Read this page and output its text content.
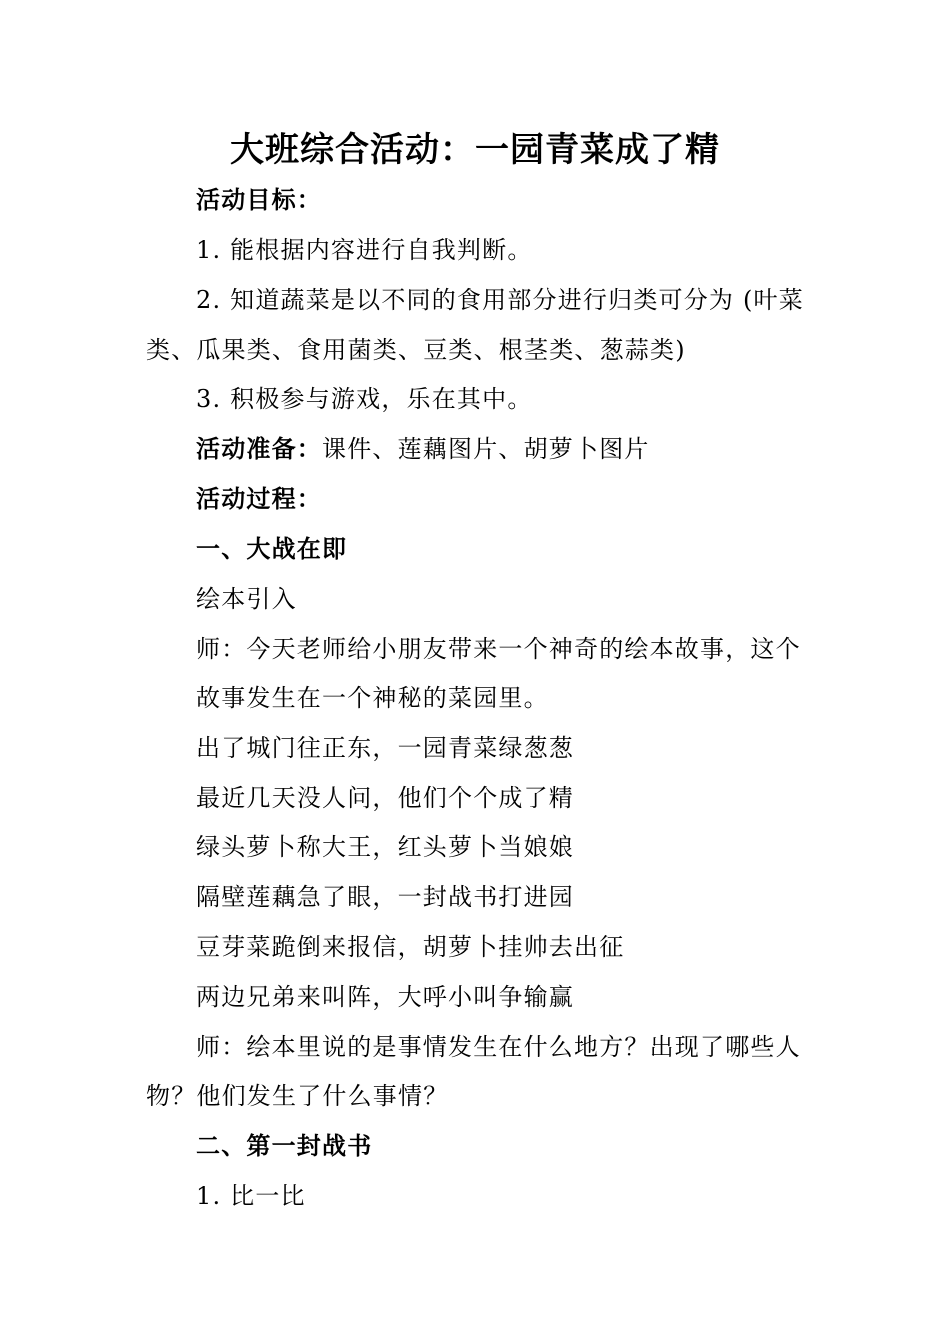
大班综合活动：一园青菜成了精
活动目标：
1. 能根据内容进行自我判断。
2. 知道蔬菜是以不同的食用部分进行归类可分为 (叶菜
类、瓜果类、食用菌类、豆类、根茎类、葱蒜类)
3. 积极参与游戏，乐在其中。
活动准备：课件、莲藕图片、胡萝卜图片
活动过程：
一、大战在即
绘本引入
师：今天老师给小朋友带来一个神奇的绘本故事，这个
故事发生在一个神秘的菜园里。
出了城门往正东，一园青菜绿葱葱
最近几天没人问，他们个个成了精
绿头萝卜称大王，红头萝卜当娘娘
隔壁莲藕急了眼，一封战书打进园
豆芽菜跪倒来报信，胡萝卜挂帅去出征
两边兄弟来叫阵，大呼小叫争输赢
师：绘本里说的是事情发生在什么地方？出现了哪些人
物？他们发生了什么事情？
二、第一封战书
1. 比一比
